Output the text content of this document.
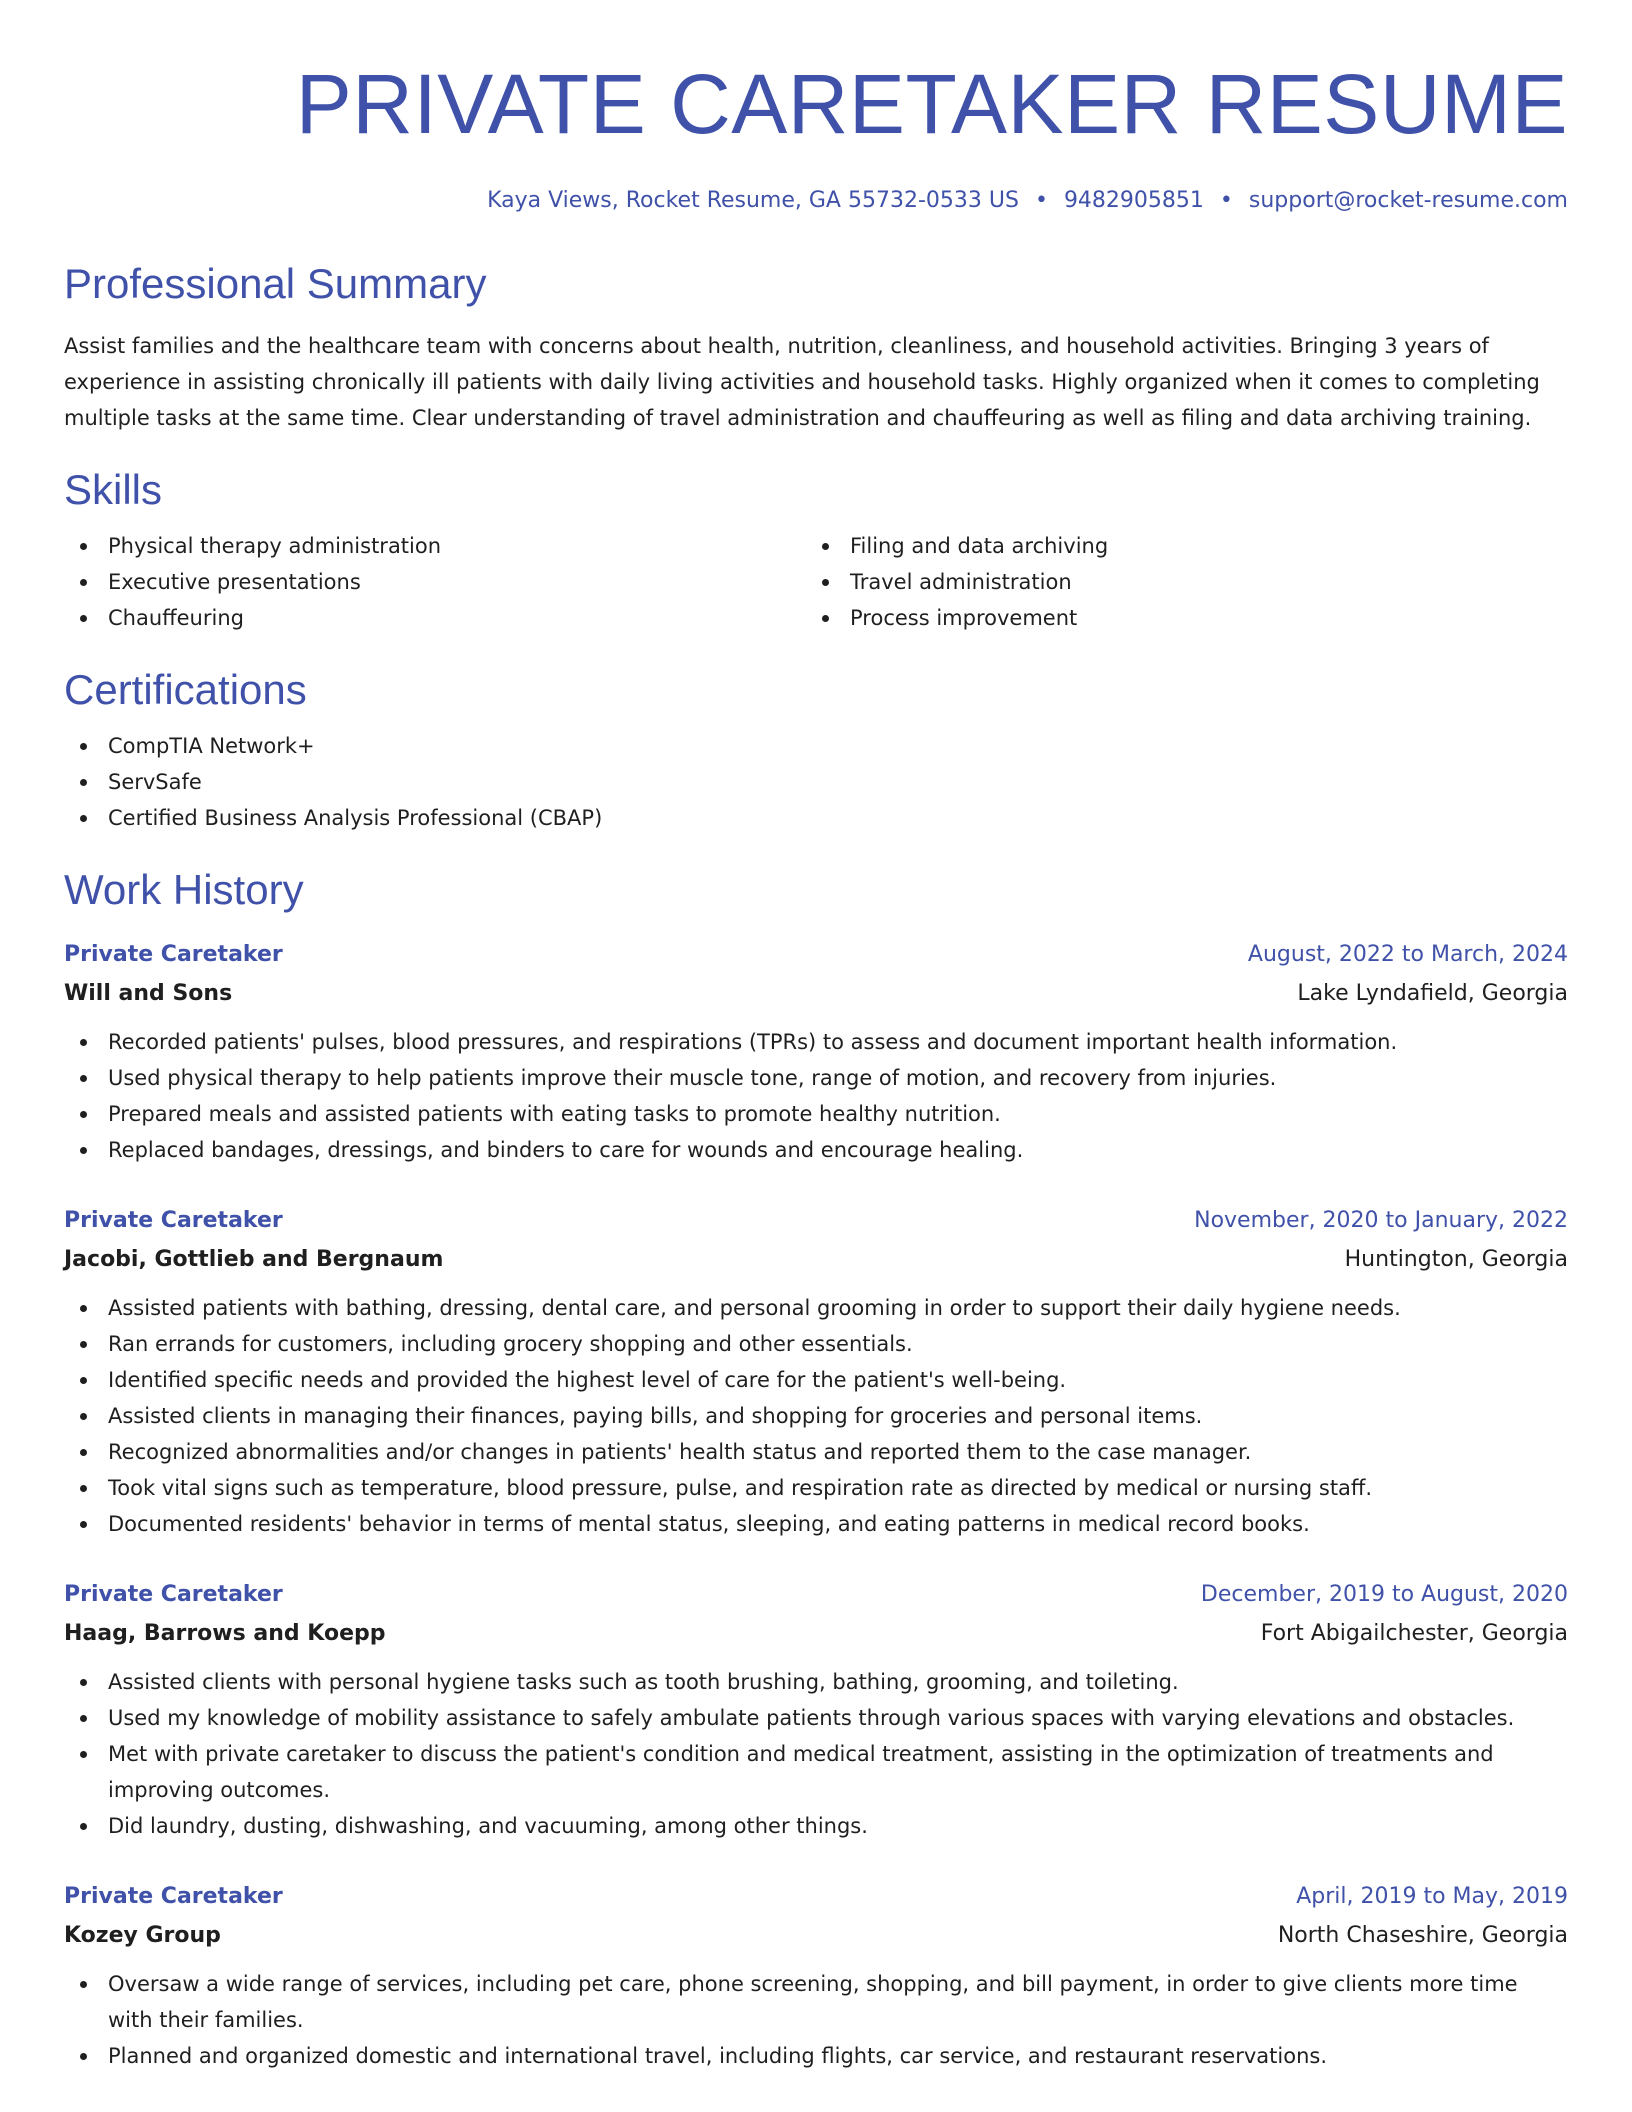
PRIVATE CARETAKER RESUME
Kaya Views, Rocket Resume, GA 55732-0533 US • 9482905851 • support@rocket-resume.com
Professional Summary

Assist families and the healthcare team with concerns about health, nutrition, cleanliness, and household activities. Bringing 3 years of experience in assisting chronically ill patients with daily living activities and household tasks. Highly organized when it comes to completing multiple tasks at the same time. Clear understanding of travel administration and chauffeuring as well as filing and data archiving training.

Skills
Physical therapy administration
Executive presentations
Chauffeuring
Filing and data archiving
Travel administration
Process improvement
Certifications
CompTIA Network+
ServSafe
Certified Business Analysis Professional (CBAP)
Work History
Private Caretaker	August, 2022 to March, 2024
Will and Sons	Lake Lyndafield, Georgia
Recorded patients' pulses, blood pressures, and respirations (TPRs) to assess and document important health information.
Used physical therapy to help patients improve their muscle tone, range of motion, and recovery from injuries.
Prepared meals and assisted patients with eating tasks to promote healthy nutrition.
Replaced bandages, dressings, and binders to care for wounds and encourage healing.
Private Caretaker	November, 2020 to January, 2022
Jacobi, Gottlieb and Bergnaum	Huntington, Georgia
Assisted patients with bathing, dressing, dental care, and personal grooming in order to support their daily hygiene needs.
Ran errands for customers, including grocery shopping and other essentials.
Identified specific needs and provided the highest level of care for the patient's well-being.
Assisted clients in managing their finances, paying bills, and shopping for groceries and personal items.
Recognized abnormalities and/or changes in patients' health status and reported them to the case manager.
Took vital signs such as temperature, blood pressure, pulse, and respiration rate as directed by medical or nursing staff.
Documented residents' behavior in terms of mental status, sleeping, and eating patterns in medical record books.
Private Caretaker	December, 2019 to August, 2020
Haag, Barrows and Koepp	Fort Abigailchester, Georgia
Assisted clients with personal hygiene tasks such as tooth brushing, bathing, grooming, and toileting.
Used my knowledge of mobility assistance to safely ambulate patients through various spaces with varying elevations and obstacles.
Met with private caretaker to discuss the patient's condition and medical treatment, assisting in the optimization of treatments and improving outcomes.
Did laundry, dusting, dishwashing, and vacuuming, among other things.
Private Caretaker	April, 2019 to May, 2019
Kozey Group	North Chaseshire, Georgia
Oversaw a wide range of services, including pet care, phone screening, shopping, and bill payment, in order to give clients more time with their families.
Planned and organized domestic and international travel, including flights, car service, and restaurant reservations.
